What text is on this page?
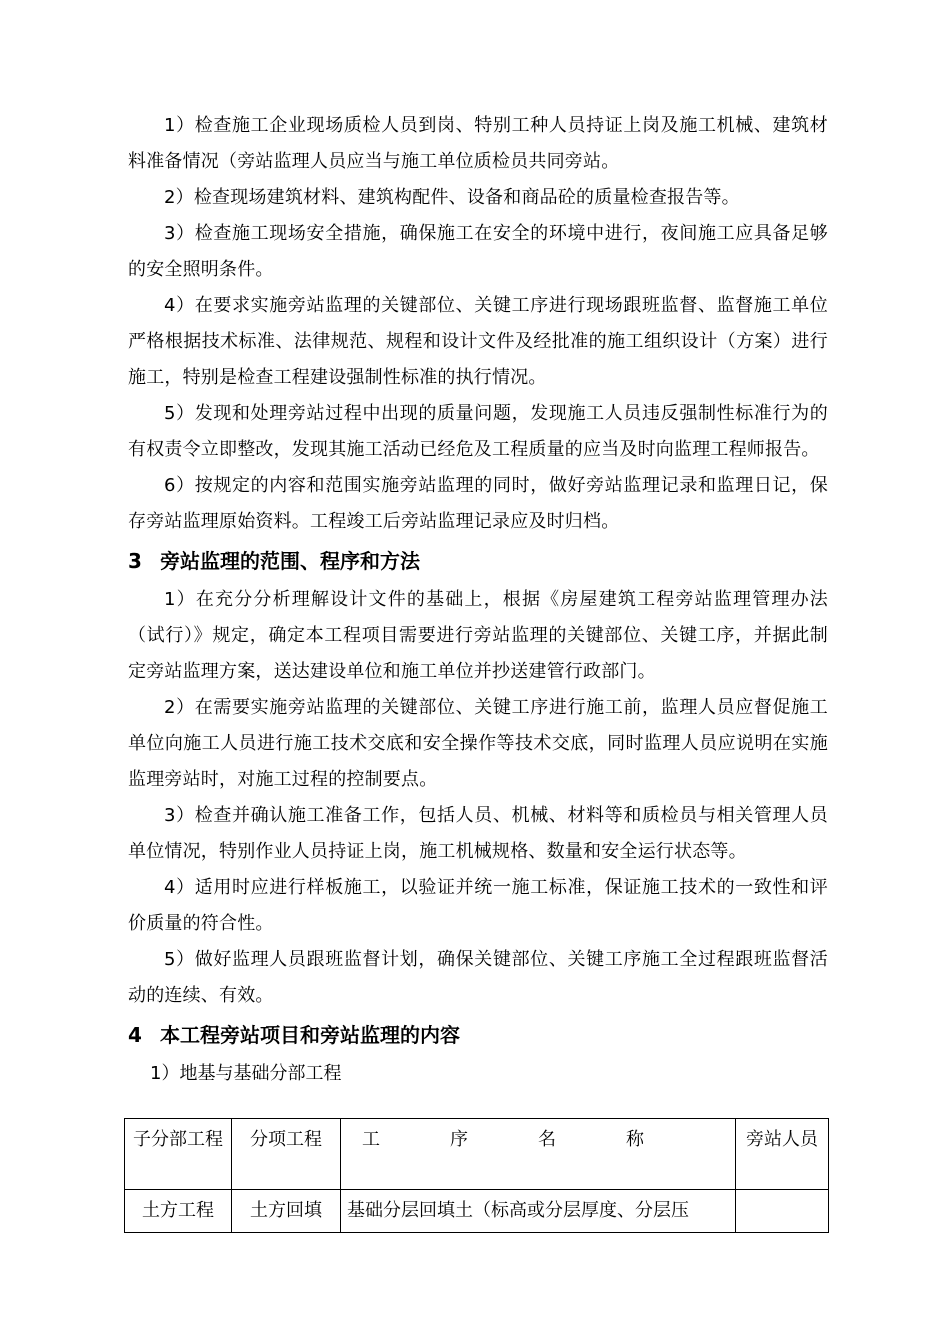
1）检查施工企业现场质检人员到岗、特别工种人员持证上岗及施工机械、建筑材料准备情况（旁站监理人员应当与施工单位质检员共同旁站。

2）检查现场建筑材料、建筑构配件、设备和商品砼的质量检查报告等。

3）检查施工现场安全措施，确保施工在安全的环境中进行，夜间施工应具备足够的安全照明条件。

4）在要求实施旁站监理的关键部位、关键工序进行现场跟班监督、监督施工单位严格根据技术标准、法律规范、规程和设计文件及经批准的施工组织设计（方案）进行施工，特别是检查工程建设强制性标准的执行情况。

5）发现和处理旁站过程中出现的质量问题，发现施工人员违反强制性标准行为的有权责令立即整改，发现其施工活动已经危及工程质量的应当及时向监理工程师报告。

6）按规定的内容和范围实施旁站监理的同时，做好旁站监理记录和监理日记，保存旁站监理原始资料。工程竣工后旁站监理记录应及时归档。

3 旁站监理的范围、程序和方法

1）在充分分析理解设计文件的基础上，根据《房屋建筑工程旁站监理管理办法（试行）》规定，确定本工程项目需要进行旁站监理的关键部位、关键工序，并据此制定旁站监理方案，送达建设单位和施工单位并抄送建管行政部门。

2）在需要实施旁站监理的关键部位、关键工序进行施工前，监理人员应督促施工单位向施工人员进行施工技术交底和安全操作等技术交底，同时监理人员应说明在实施监理旁站时，对施工过程的控制要点。

3）检查并确认施工准备工作，包括人员、机械、材料等和质检员与相关管理人员单位情况，特别作业人员持证上岗，施工机械规格、数量和安全运行状态等。

4）适用时应进行样板施工，以验证并统一施工标准，保证施工技术的一致性和评价质量的符合性。

5）做好监理人员跟班监督计划，确保关键部位、关键工序施工全过程跟班监督活动的连续、有效。

4 本工程旁站项目和旁站监理的内容

1）地基与基础分部工程

子分部工程	分项工程	工序名称	旁站人员
土方工程	土方回填	基础分层回填土（标高或分层厚度、分层压	
